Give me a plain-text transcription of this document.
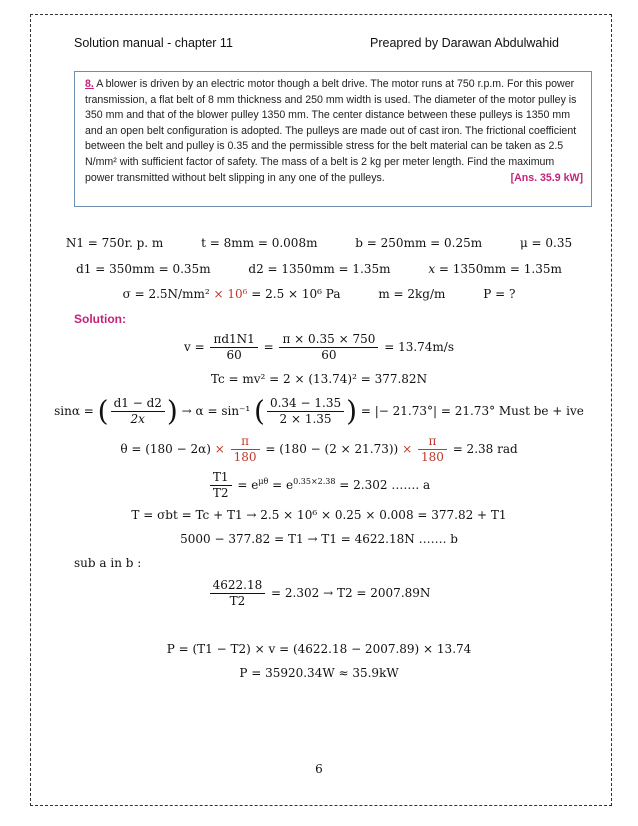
Solution manual - chapter 11	Preapred by Darawan Abdulwahid
8. A blower is driven by an electric motor though a belt drive. The motor runs at 750 r.p.m. For this power transmission, a flat belt of 8 mm thickness and 250 mm width is used. The diameter of the motor pulley is 350 mm and that of the blower pulley 1350 mm. The center distance between these pulleys is 1350 mm and an open belt configuration is adopted. The pulleys are made out of cast iron. The frictional coefficient between the belt and pulley is 0.35 and the permissible stress for the belt material can be taken as 2.5 N/mm² with sufficient factor of safety. The mass of a belt is 2 kg per meter length. Find the maximum power transmitted without belt slipping in any one of the pulleys.	[Ans. 35.9 kW]
N1 = 750r. p. m	t = 8mm = 0.008m	b = 250mm = 0.25m	μ = 0.35
d1 = 350mm = 0.35m	d2 = 1350mm = 1.35m	x = 1350mm = 1.35m
σ = 2.5N/mm² × 10⁶ = 2.5 × 10⁶ Pa	m = 2kg/m	P = ?
Solution:
$v = \frac{\pi d1N1}{60} = \frac{\pi \times 0.35 \times 750}{60} = 13.74m/s$
Tc = mv² = 2 × (13.74)² = 377.82N
sinα = ( $\frac{d1 - d2}{2x}$ ) → α = sin⁻¹ ( $\frac{0.34 - 1.35}{2 \times 1.35}$ ) = |− 21.73°| = 21.73° Must be + ive
$\theta = (180 - 2\alpha) \times \frac{\pi}{180} = (180 - (2 \times 21.73)) \times \frac{\pi}{180} = 2.38$ rad
$\frac{T1}{T2} = e^{\mu\theta} = e^{0.35\times 2.38} = 2.302$ ……. a
T = σbt = Tc + T1 → 2.5 × 10⁶ × 0.25 × 0.008 = 377.82 + T1
5000 − 377.82 = T1 → T1 = 4622.18N ……. b
sub a in b :
$\frac{4622.18}{T2} = 2.302 \to T2 = 2007.89N$
P = (T1 − T2) × v = (4622.18 − 2007.89) × 13.74
P = 35920.34W ≈ 35.9kW
6
